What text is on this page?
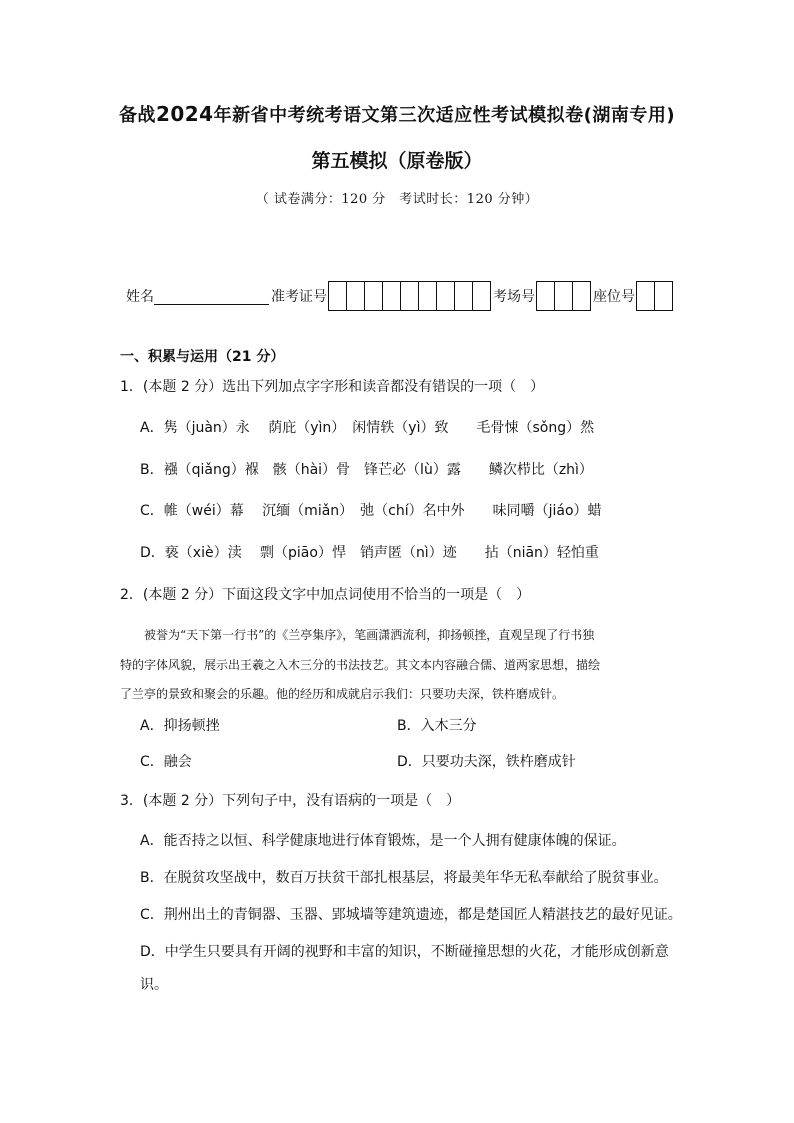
备战2024年新省中考统考语文第三次适应性考试模拟卷(湖南专用)
第五模拟（原卷版）
（ 试卷满分：120 分　考试时长：120 分钟）
姓名	准考证号	考场号	座位号
一、积累与运用（21 分）
1．(本题 2 分）选出下列加点字字形和读音都没有错误的一项（　）
A．隽（juàn）永　 荫庇（yìn）　闲情轶（yì）致　　毛骨悚（sǒng）然
B．襁（qiǎng）褓　骸（hài）骨　锋芒必（lù）露　　鳞次栉比（zhì）
C．帷（wéi）幕　 沉缅（miǎn）　弛（chí）名中外　　味同嚼（jiáo）蜡
D．亵（xiè）渎　 剽（piāo）悍　销声匿（nì）迹　　拈（niān）轻怕重
2．(本题 2 分）下面这段文字中加点词使用不恰当的一项是（　）
　　被誉为“天下第一行书”的《兰亭集序》，笔画潇洒流利，抑扬顿挫，直观呈现了行书独
特的字体风貌，展示出王羲之入木三分的书法技艺。其文本内容融合儒、道两家思想，描绘
了兰亭的景致和聚会的乐趣。他的经历和成就启示我们：只要功夫深，铁杵磨成针。
A．抑扬顿挫	B．入木三分
C．融会	D．只要功夫深，铁杵磨成针
3．(本题 2 分）下列句子中，没有语病的一项是（　）
A．能否持之以恒、科学健康地进行体育锻炼，是一个人拥有健康体魄的保证。
B．在脱贫攻坚战中，数百万扶贫干部扎根基层，将最美年华无私奉献给了脱贫事业。
C．荆州出土的青铜器、玉器、郢城墙等建筑遗迹，都是楚国匠人精湛技艺的最好见证。
D．中学生只要具有开阔的视野和丰富的知识，不断碰撞思想的火花，才能形成创新意
识。
